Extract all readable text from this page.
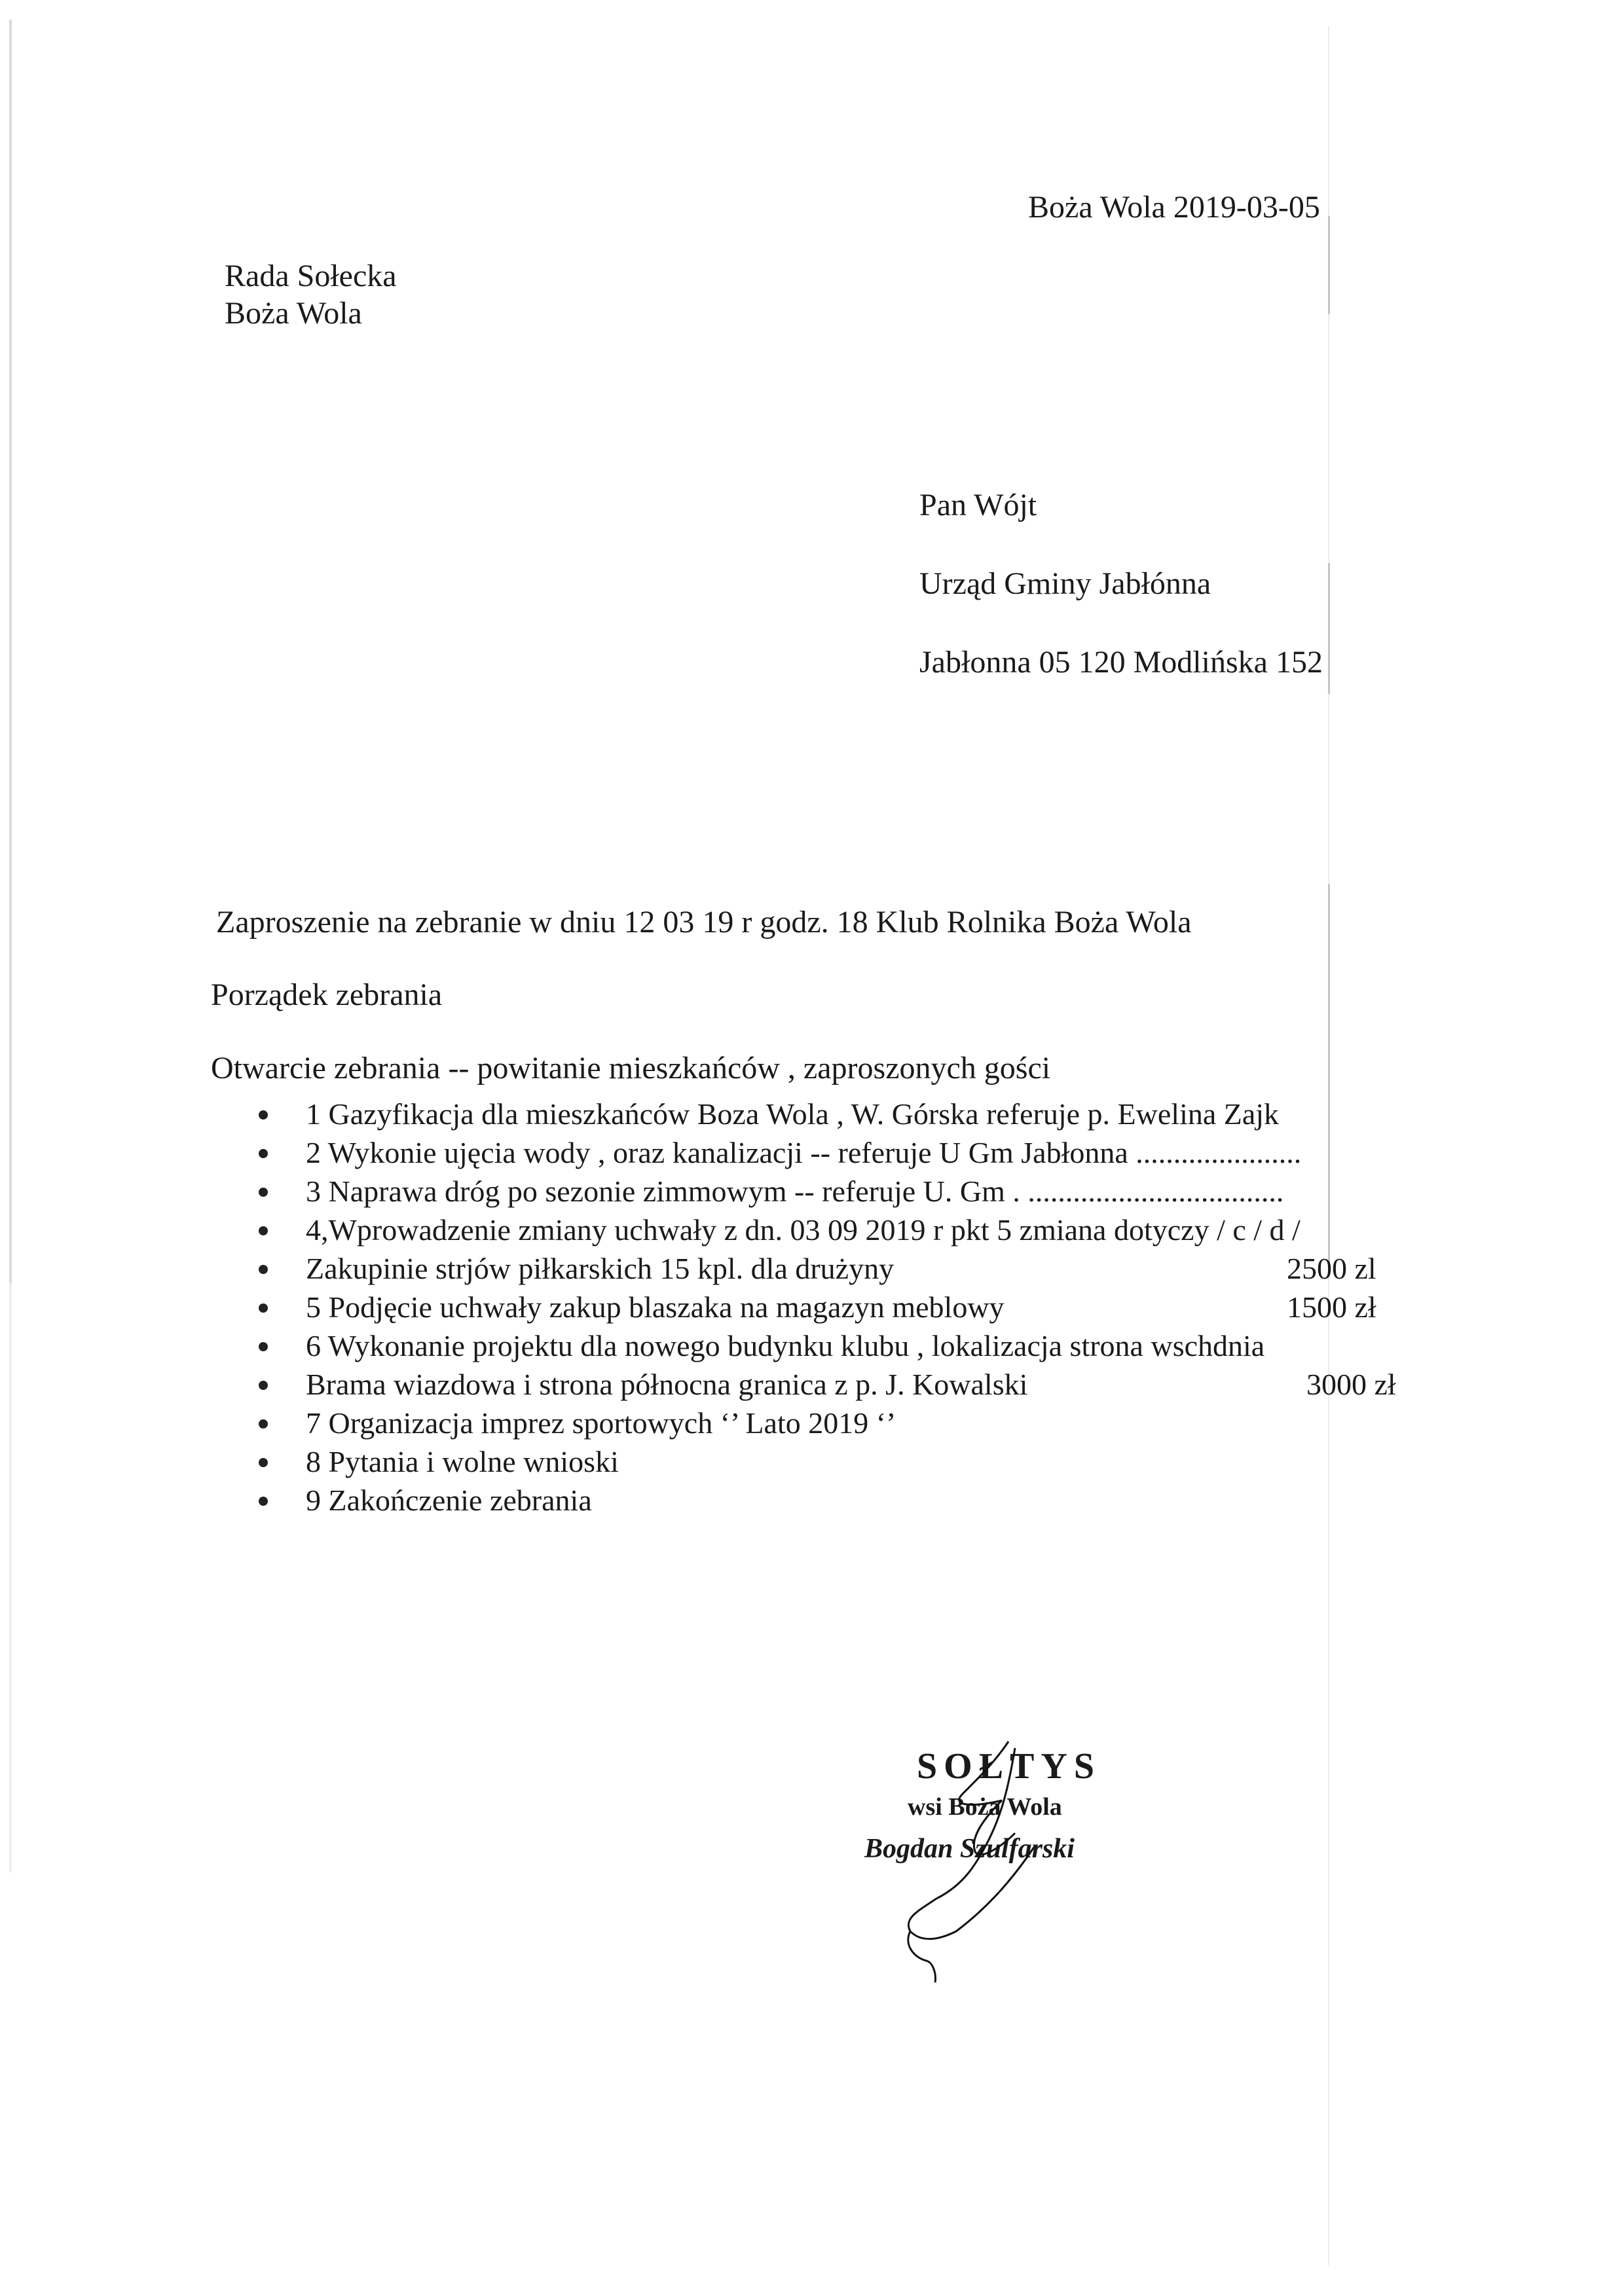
Boża Wola 2019-03-05
Rada Sołecka
Boża Wola
Pan Wójt
Urząd Gminy Jabłónna
Jabłonna 05 120 Modlińska 152
Zaproszenie na zebranie w dniu 12 03 19 r godz. 18 Klub Rolnika Boża Wola
Porządek zebrania
Otwarcie zebrania -- powitanie mieszkańców , zaproszonych gości
1 Gazyfikacja dla mieszkańców Boza Wola , W. Górska referuje p. Ewelina Zajk
2 Wykonie ujęcia wody , oraz kanalizacji -- referuje U Gm Jabłonna ......................
3 Naprawa dróg po sezonie zimmowym -- referuje U. Gm . ..................................
4,Wprowadzenie zmiany uchwały z dn. 03 09 2019 r pkt 5 zmiana dotyczy / c / d /
Zakupinie strjów piłkarskich 15 kpl. dla drużyny	2500 zl
5 Podjęcie uchwały zakup blaszaka na magazyn meblowy	1500 zł
6 Wykonanie projektu dla nowego budynku klubu , lokalizacja strona wschdnia
Brama wiazdowa i strona północna granica z p. J. Kowalski	3000 zł
7 Organizacja imprez sportowych ‘’ Lato 2019 ‘’
8 Pytania i wolne wnioski
9 Zakończenie zebrania
SOŁTYS
wsi Boża Wola
Bogdan Szulfarski
